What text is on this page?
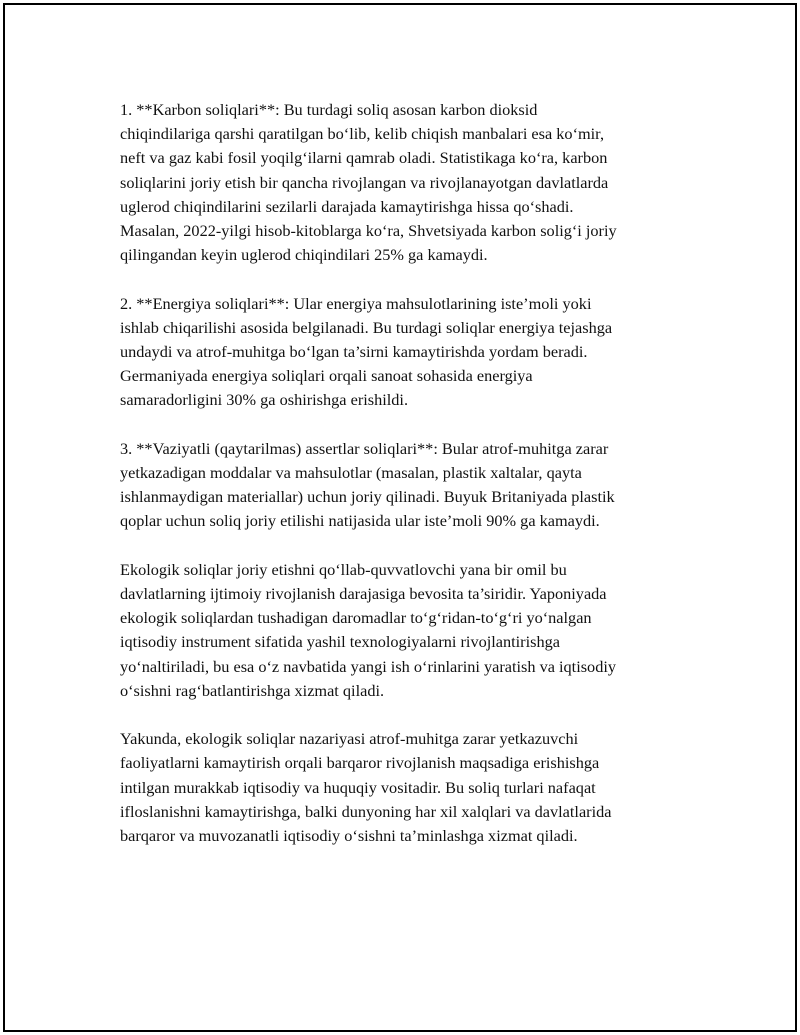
1. **Karbon soliqlari**: Bu turdagi soliq asosan karbon dioksid
chiqindilariga qarshi qaratilgan bo‘lib, kelib chiqish manbalari esa ko‘mir,
neft va gaz kabi fosil yoqilg‘ilarni qamrab oladi. Statistikaga ko‘ra, karbon
soliqlarini joriy etish bir qancha rivojlangan va rivojlanayotgan davlatlarda
uglerod chiqindilarini sezilarli darajada kamaytirishga hissa qo‘shadi.
Masalan, 2022-yilgi hisob-kitoblarga ko‘ra, Shvetsiyada karbon solig‘i joriy
qilingandan keyin uglerod chiqindilari 25% ga kamaydi.

2. **Energiya soliqlari**: Ular energiya mahsulotlarining iste’moli yoki
ishlab chiqarilishi asosida belgilanadi. Bu turdagi soliqlar energiya tejashga
undaydi va atrof-muhitga bo‘lgan ta’sirni kamaytirishda yordam beradi.
Germaniyada energiya soliqlari orqali sanoat sohasida energiya
samaradorligini 30% ga oshirishga erishildi.

3. **Vaziyatli (qaytarilmas) assertlar soliqlari**: Bular atrof-muhitga zarar
yetkazadigan moddalar va mahsulotlar (masalan, plastik xaltalar, qayta
ishlanmaydigan materiallar) uchun joriy qilinadi. Buyuk Britaniyada plastik
qoplar uchun soliq joriy etilishi natijasida ular iste’moli 90% ga kamaydi.

Ekologik soliqlar joriy etishni qo‘llab-quvvatlovchi yana bir omil bu
davlatlarning ijtimoiy rivojlanish darajasiga bevosita ta’siridir. Yaponiyada
ekologik soliqlardan tushadigan daromadlar to‘g‘ridan-to‘g‘ri yo‘nalgan
iqtisodiy instrument sifatida yashil texnologiyalarni rivojlantirishga
yo‘naltiriladi, bu esa o‘z navbatida yangi ish o‘rinlarini yaratish va iqtisodiy
o‘sishni rag‘batlantirishga xizmat qiladi.

Yakunda, ekologik soliqlar nazariyasi atrof-muhitga zarar yetkazuvchi
faoliyatlarni kamaytirish orqali barqaror rivojlanish maqsadiga erishishga
intilgan murakkab iqtisodiy va huquqiy vositadir. Bu soliq turlari nafaqat
ifloslanishni kamaytirishga, balki dunyoning har xil xalqlari va davlatlarida
barqaror va muvozanatli iqtisodiy o‘sishni ta’minlashga xizmat qiladi.
